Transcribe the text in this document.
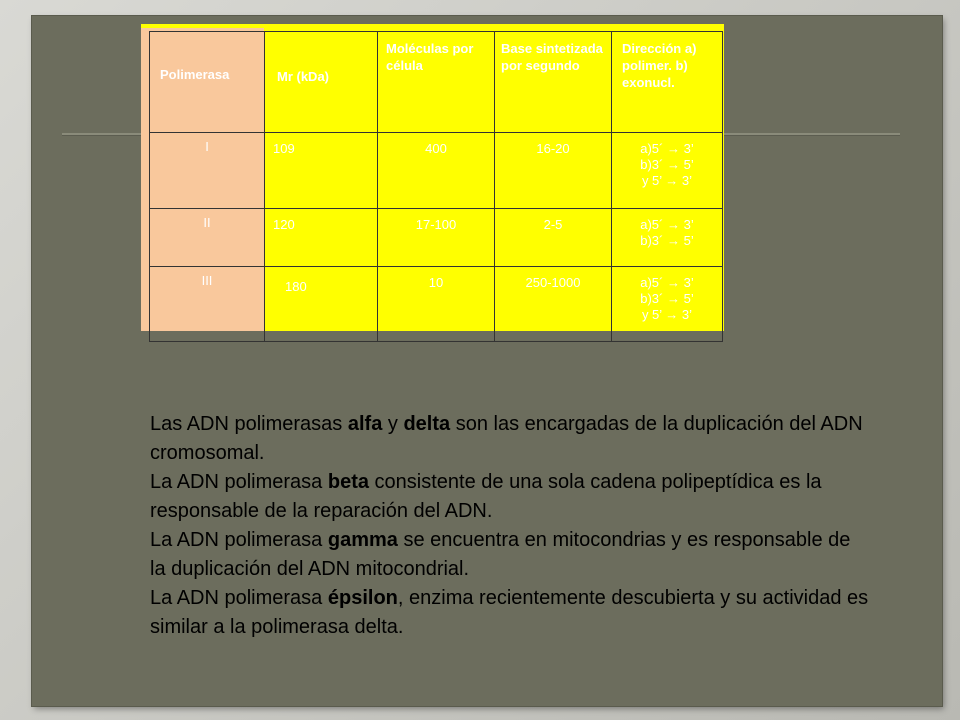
Polimerasa	Mr (kDa)	Moléculas por célula	Base sintetizada por segundo	Dirección a) polimer. b) exonucl.

I	109	400	16-20	a)5´ → 3’
b)3´ → 5’
y 5’ → 3’

II	120	17-100	2-5	a)5´ → 3’
b)3´ → 5’

III	180	10	250-1000	a)5´ → 3’
b)3´ → 5’
y 5’ → 3’

Las ADN polimerasas alfa y delta son las encargadas de la duplicación del ADN cromosomal.

La ADN polimerasa beta consistente de una sola cadena polipeptídica es la responsable de la reparación del ADN.

La ADN polimerasa gamma se encuentra en mitocondrias y es responsable de la duplicación del ADN mitocondrial.

La ADN polimerasa épsilon, enzima recientemente descubierta y su actividad es similar a la polimerasa delta.
